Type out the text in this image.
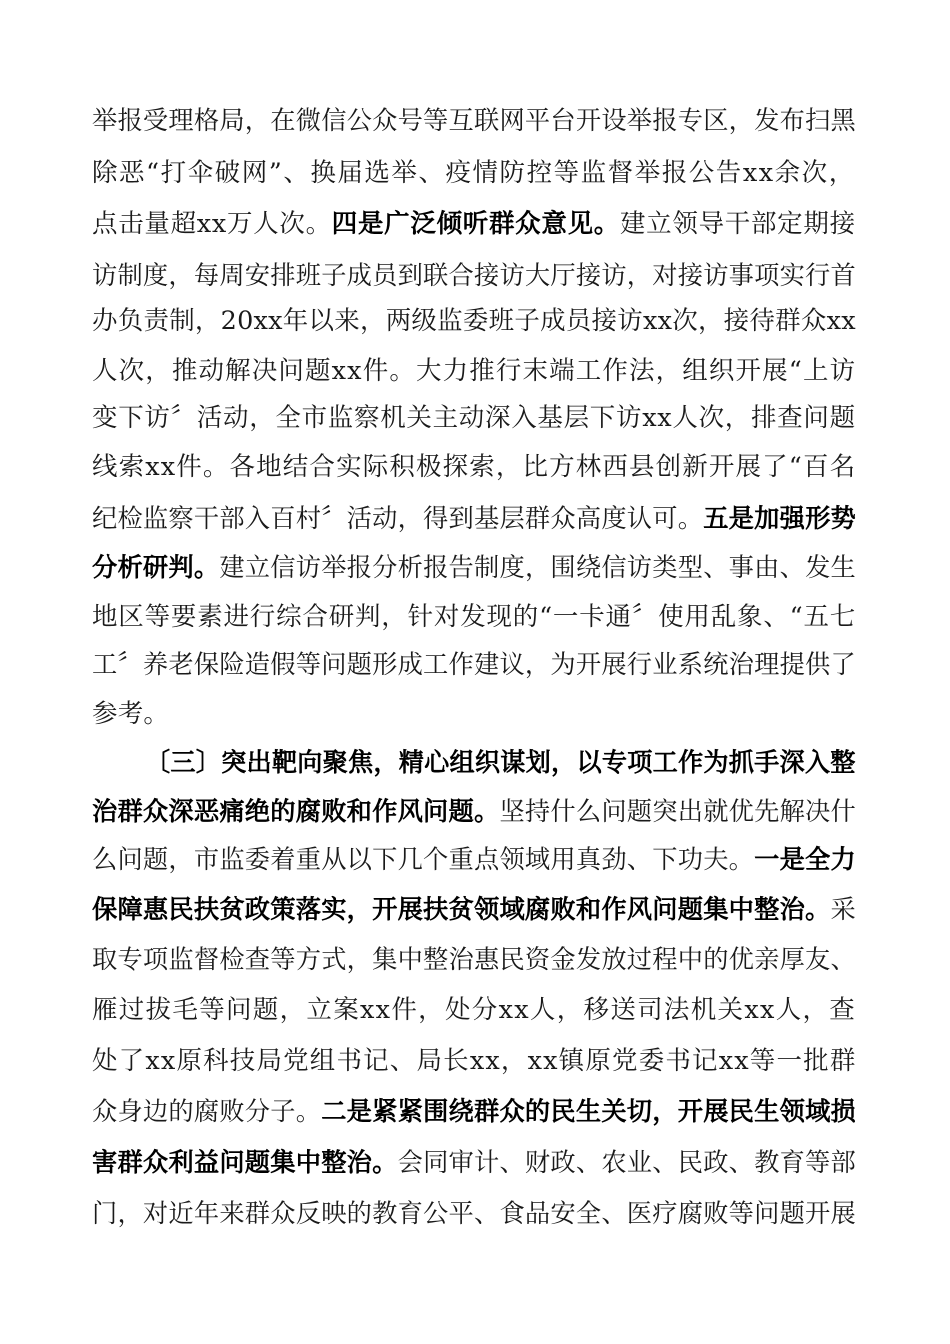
举报受理格局，在微信公众号等互联网平台开设举报专区，发布扫黑
除恶“打伞破网”、换届选举、疫情防控等监督举报公告xx余次，
点击量超xx万人次。四是广泛倾听群众意见。建立领导干部定期接
访制度，每周安排班子成员到联合接访大厅接访，对接访事项实行首
办负责制，20xx年以来，两级监委班子成员接访xx次，接待群众xx
人次，推动解决问题xx件。大力推行末端工作法，组织开展“上访
变下访〞活动，全市监察机关主动深入基层下访xx人次，排查问题
线索xx件。各地结合实际积极探索，比方林西县创新开展了“百名
纪检监察干部入百村〞活动，得到基层群众高度认可。五是加强形势
分析研判。建立信访举报分析报告制度，围绕信访类型、事由、发生
地区等要素进行综合研判，针对发现的“一卡通〞使用乱象、“五七
工〞养老保险造假等问题形成工作建议，为开展行业系统治理提供了
参考。
〔三〕突出靶向聚焦，精心组织谋划，以专项工作为抓手深入整
治群众深恶痛绝的腐败和作风问题。坚持什么问题突出就优先解决什
么问题，市监委着重从以下几个重点领域用真劲、下功夫。一是全力
保障惠民扶贫政策落实，开展扶贫领域腐败和作风问题集中整治。采
取专项监督检查等方式，集中整治惠民资金发放过程中的优亲厚友、
雁过拔毛等问题，立案xx件，处分xx人，移送司法机关xx人，查
处了xx原科技局党组书记、局长xx，xx镇原党委书记xx等一批群
众身边的腐败分子。二是紧紧围绕群众的民生关切，开展民生领域损
害群众利益问题集中整治。会同审计、财政、农业、民政、教育等部
门，对近年来群众反映的教育公平、食品安全、医疗腐败等问题开展
